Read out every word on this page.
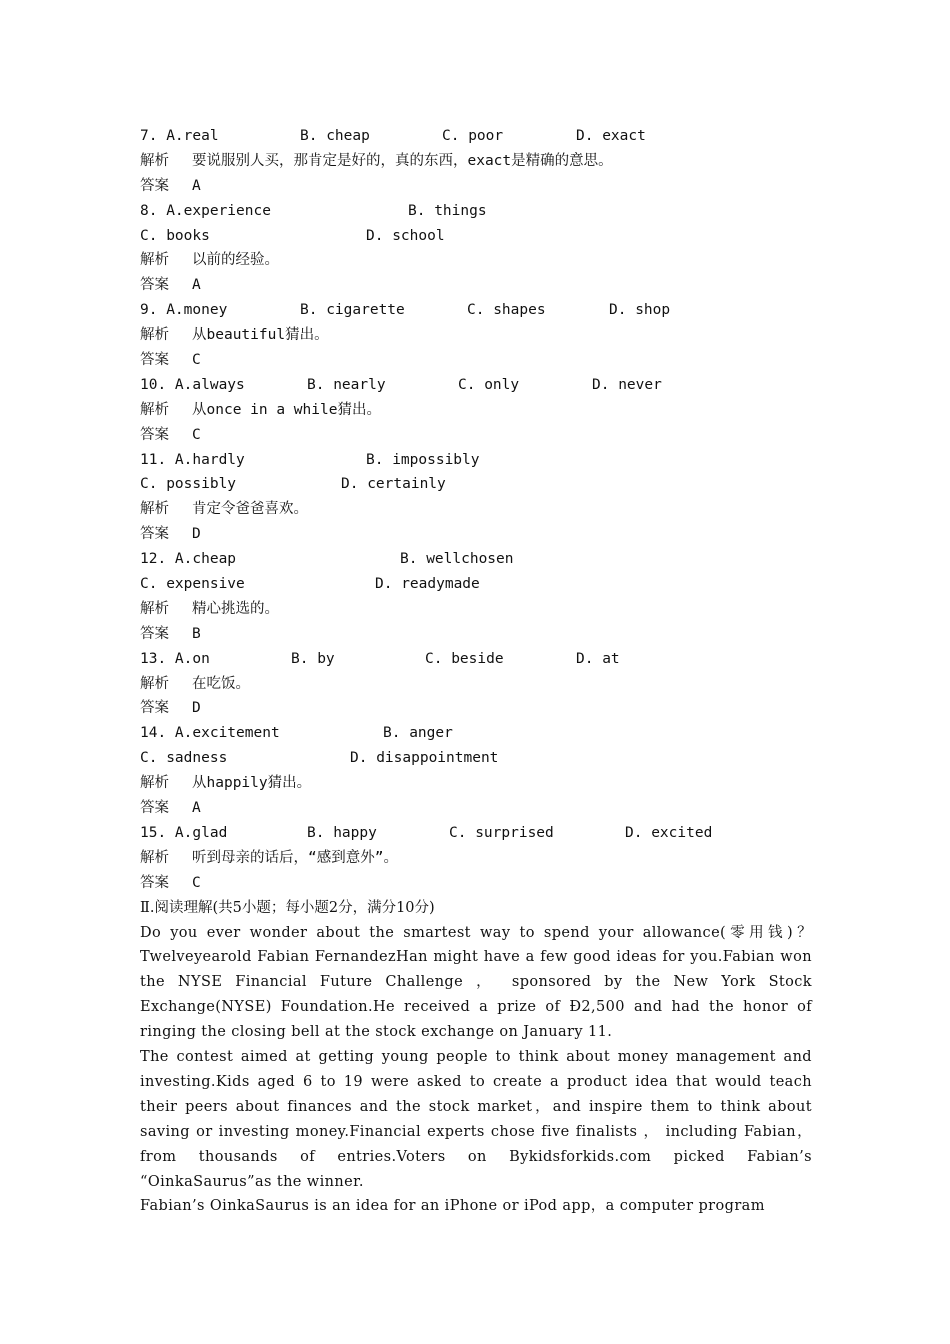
7. A.real	B. cheap	C. poor	D. exact
解析 要说服别人买，那肯定是好的，真的东西，exact是精确的意思。
答案 A
8. A.experience	B. things
C. books	D. school
解析 以前的经验。
答案 A
9. A.money	B. cigarette	C. shapes	D. shop
解析 从beautiful猜出。
答案 C
10. A.always	B. nearly	C. only	D. never
解析 从once in a while猜出。
答案 C
11. A.hardly	B. impossibly
C. possibly	D. certainly
解析 肯定令爸爸喜欢。
答案 D
12. A.cheap	B. wellchosen
C. expensive	D. readymade
解析 精心挑选的。
答案 B
13. A.on	B. by	C. beside	D. at
解析 在吃饭。
答案 D
14. A.excitement	B. anger
C. sadness	D. disappointment
解析 从happily猜出。
答案 A
15. A.glad	B. happy	C. surprised	D. excited
解析 听到母亲的话后，“感到意外”。
答案 C
Ⅱ.阅读理解(共5小题；每小题2分，满分10分)
Do you ever wonder about the smartest way to spend your allowance(零用钱)？Twelveyearold Fabian FernandezHan might have a few good ideas for you.Fabian won the NYSE Financial Future Challenge ， sponsored by the New York Stock Exchange(NYSE) Foundation.He received a prize of Đ2,500 and had the honor of ringing the closing bell at the stock exchange on January 11.
The contest aimed at getting young people to think about money management and investing.Kids aged 6 to 19 were asked to create a product idea that would teach their peers about finances and the stock market，and inspire them to think about saving or investing money.Financial experts chose five finalists ， including Fabian， from thousands of entries.Voters on Bykidsforkids.com picked Fabian’s “OinkaSaurus”as the winner.
Fabian’s OinkaSaurus is an idea for an iPhone or iPod app，a computer program
